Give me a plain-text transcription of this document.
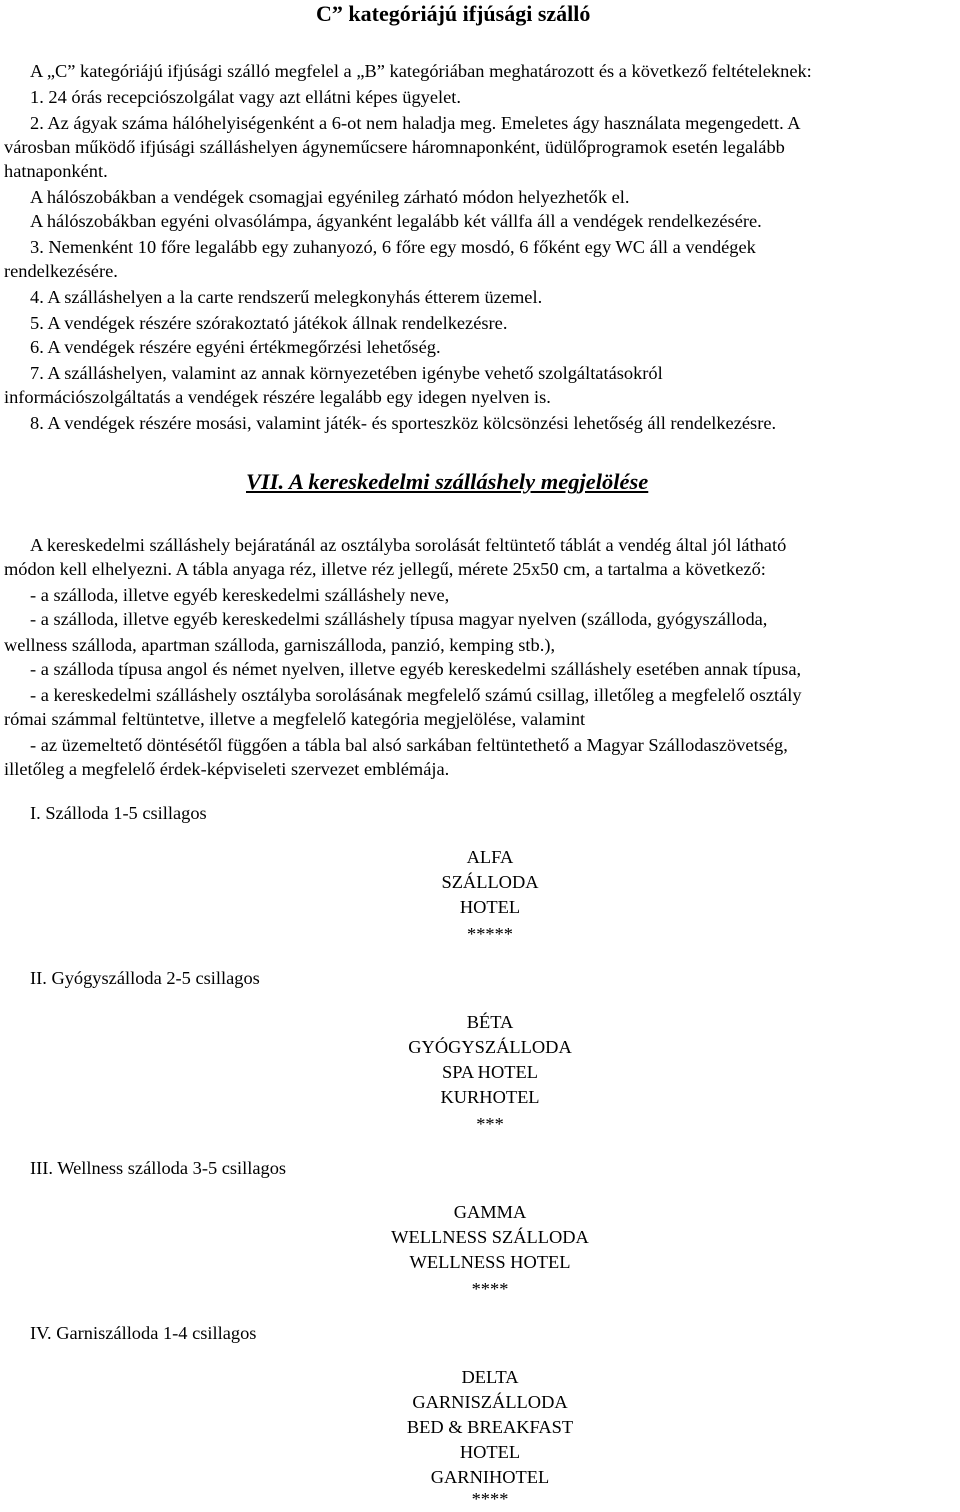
C” kategóriájú ifjúsági szálló
A „C” kategóriájú ifjúsági szálló megfelel a „B” kategóriában meghatározott és a következő feltételeknek:
1. 24 órás recepciószolgálat vagy azt ellátni képes ügyelet.
2. Az ágyak száma hálóhelyiségenként a 6-ot nem haladja meg. Emeletes ágy használata megengedett. A
városban működő ifjúsági szálláshelyen ágyneműcsere háromnaponként, üdülőprogramok esetén legalább
hatnaponként.
A hálószobákban a vendégek csomagjai egyénileg zárható módon helyezhetők el.
A hálószobákban egyéni olvasólámpa, ágyanként legalább két vállfa áll a vendégek rendelkezésére.
3. Nemenként 10 főre legalább egy zuhanyozó, 6 főre egy mosdó, 6 főként egy WC áll a vendégek
rendelkezésére.
4. A szálláshelyen a la carte rendszerű melegkonyhás étterem üzemel.
5. A vendégek részére szórakoztató játékok állnak rendelkezésre.
6. A vendégek részére egyéni értékmegőrzési lehetőség.
7. A szálláshelyen, valamint az annak környezetében igénybe vehető szolgáltatásokról
információszolgáltatás a vendégek részére legalább egy idegen nyelven is.
8. A vendégek részére mosási, valamint játék- és sporteszköz kölcsönzési lehetőség áll rendelkezésre.
VII. A kereskedelmi szálláshely megjelölése
A kereskedelmi szálláshely bejáratánál az osztályba sorolását feltüntető táblát a vendég által jól látható
módon kell elhelyezni. A tábla anyaga réz, illetve réz jellegű, mérete 25x50 cm, a tartalma a következő:
- a szálloda, illetve egyéb kereskedelmi szálláshely neve,
- a szálloda, illetve egyéb kereskedelmi szálláshely típusa magyar nyelven (szálloda, gyógyszálloda,
wellness szálloda, apartman szálloda, garniszálloda, panzió, kemping stb.),
- a szálloda típusa angol és német nyelven, illetve egyéb kereskedelmi szálláshely esetében annak típusa,
- a kereskedelmi szálláshely osztályba sorolásának megfelelő számú csillag, illetőleg a megfelelő osztály
római számmal feltüntetve, illetve a megfelelő kategória megjelölése, valamint
- az üzemeltető döntésétől függően a tábla bal alsó sarkában feltüntethető a Magyar Szállodaszövetség,
illetőleg a megfelelő érdek-képviseleti szervezet emblémája.
I. Szálloda 1-5 csillagos
ALFA
SZÁLLODA
HOTEL
*****
II. Gyógyszálloda 2-5 csillagos
BÉTA
GYÓGYSZÁLLODA
SPA HOTEL
KURHOTEL
***
III. Wellness szálloda 3-5 csillagos
GAMMA
WELLNESS SZÁLLODA
WELLNESS HOTEL
****
IV. Garniszálloda 1-4 csillagos
DELTA
GARNISZÁLLODA
BED & BREAKFAST
HOTEL
GARNIHOTEL
****
